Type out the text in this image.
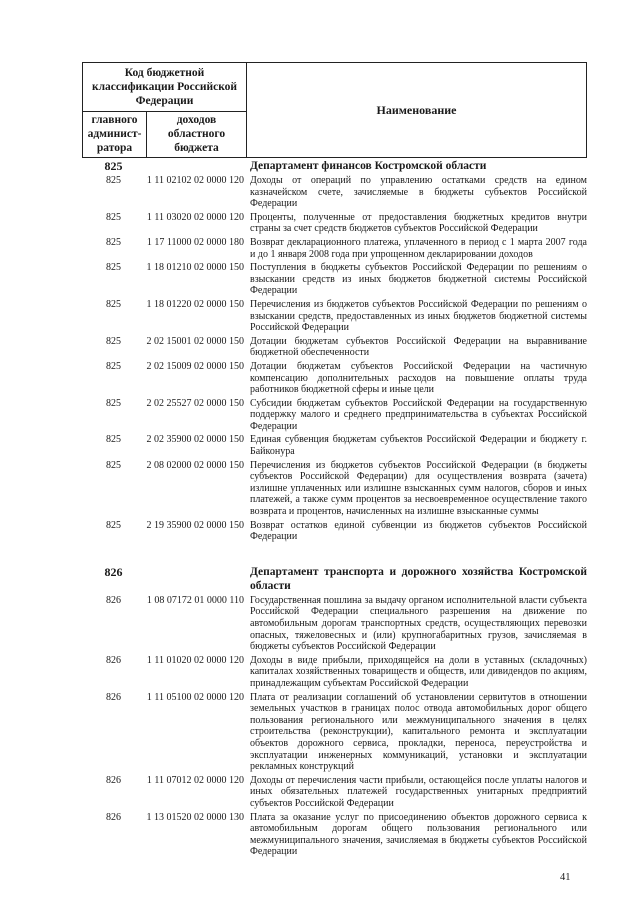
Код бюджетной классификации Российской Федерации
главного админист-ратора
доходов областного бюджета
Наименование
825	Департамент финансов Костромской области
825	1 11 02102 02 0000 120 Доходы от операций по управлению остатками средств на едином казначейском счете, зачисляемые в бюджеты субъектов Российской Федерации
825	1 11 03020 02 0000 120 Проценты, полученные от предоставления бюджетных кредитов внутри страны за счет средств бюджетов субъектов Российской Федерации
825	1 17 11000 02 0000 180 Возврат декларационного платежа, уплаченного в период с 1 марта 2007 года и до 1 января 2008 года при упрощенном декларировании доходов
825	1 18 01210 02 0000 150 Поступления в бюджеты субъектов Российской Федерации по решениям о взыскании средств из иных бюджетов бюджетной системы Российской Федерации
825	1 18 01220 02 0000 150 Перечисления из бюджетов субъектов Российской Федерации по решениям о взыскании средств, предоставленных из иных бюджетов бюджетной системы Российской Федерации
825	2 02 15001 02 0000 150 Дотации бюджетам субъектов Российской Федерации на выравнивание бюджетной обеспеченности
825	2 02 15009 02 0000 150 Дотации бюджетам субъектов Российской Федерации на частичную компенсацию дополнительных расходов на повышение оплаты труда работников бюджетной сферы и иные цели
825	2 02 25527 02 0000 150 Субсидии бюджетам субъектов Российской Федерации на государственную поддержку малого и среднего предпринимательства в субъектах Российской Федерации
825	2 02 35900 02 0000 150 Единая субвенция бюджетам субъектов Российской Федерации и бюджету г. Байконура
825	2 08 02000 02 0000 150 Перечисления из бюджетов субъектов Российской Федерации (в бюджеты субъектов Российской Федерации) для осуществления возврата (зачета) излишне уплаченных или излишне взысканных сумм налогов, сборов и иных платежей, а также сумм процентов за несвоевременное осуществление такого возврата и процентов, начисленных на излишне взысканные суммы
825	2 19 35900 02 0000 150 Возврат остатков единой субвенции из бюджетов субъектов Российской Федерации
826	Департамент транспорта и дорожного хозяйства Костромской области
826	1 08 07172 01 0000 110 Государственная пошлина за выдачу органом исполнительной власти субъекта Российской Федерации специального разрешения на движение по автомобильным дорогам транспортных средств, осуществляющих перевозки опасных, тяжеловесных и (или) крупногабаритных грузов, зачисляемая в бюджеты субъектов Российской Федерации
826	1 11 01020 02 0000 120 Доходы в виде прибыли, приходящейся на доли в уставных (складочных) капиталах хозяйственных товариществ и обществ, или дивидендов по акциям, принадлежащим субъектам Российской Федерации
826	1 11 05100 02 0000 120 Плата от реализации соглашений об установлении сервитутов в отношении земельных участков в границах полос отвода автомобильных дорог общего пользования регионального или межмуниципального значения в целях строительства (реконструкции), капитального ремонта и эксплуатации объектов дорожного сервиса, прокладки, переноса, переустройства и эксплуатации инженерных коммуникаций, установки и эксплуатации рекламных конструкций
826	1 11 07012 02 0000 120 Доходы от перечисления части прибыли, остающейся после уплаты налогов и иных обязательных платежей государственных унитарных предприятий субъектов Российской Федерации
826	1 13 01520 02 0000 130 Плата за оказание услуг по присоединению объектов дорожного сервиса к автомобильным дорогам общего пользования регионального или межмуниципального значения, зачисляемая в бюджеты субъектов Российской Федерации
41
